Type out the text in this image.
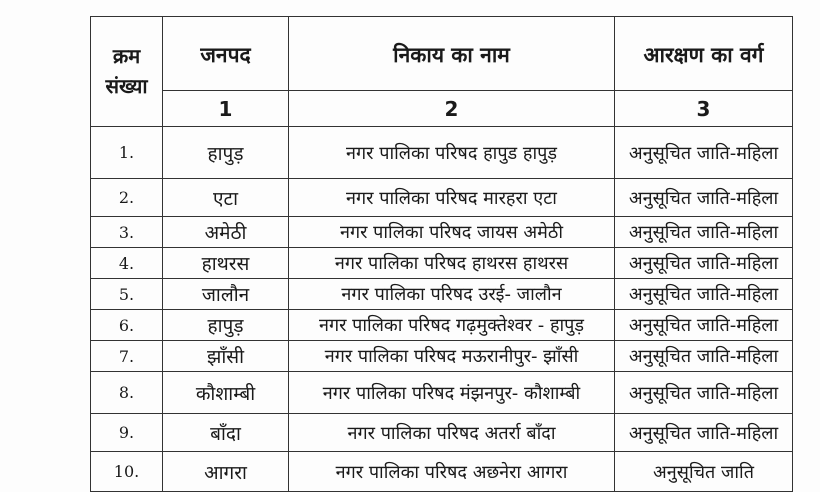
क्रम
संख्या	जनपद	निकाय का नाम	आरक्षण का वर्ग
	1	2	3
1.	हापुड़	नगर पालिका परिषद हापुड हापुड़	अनुसूचित जाति-महिला
2.	एटा	नगर पालिका परिषद मारहरा एटा	अनुसूचित जाति-महिला
3.	अमेठी	नगर पालिका परिषद जायस अमेठी	अनुसूचित जाति-महिला
4.	हाथरस	नगर पालिका परिषद हाथरस हाथरस	अनुसूचित जाति-महिला
5.	जालौन	नगर पालिका परिषद उरई- जालौन	अनुसूचित जाति-महिला
6.	हापुड़	नगर पालिका परिषद गढ़मुक्तेश्वर - हापुड़	अनुसूचित जाति-महिला
7.	झाँसी	नगर पालिका परिषद मऊरानीपुर- झाँसी	अनुसूचित जाति-महिला
8.	कौशाम्बी	नगर पालिका परिषद मंझनपुर- कौशाम्बी	अनुसूचित जाति-महिला
9.	बाँदा	नगर पालिका परिषद अतर्रा बाँदा	अनुसूचित जाति-महिला
10.	आगरा	नगर पालिका परिषद अछनेरा आगरा	अनुसूचित जाति
